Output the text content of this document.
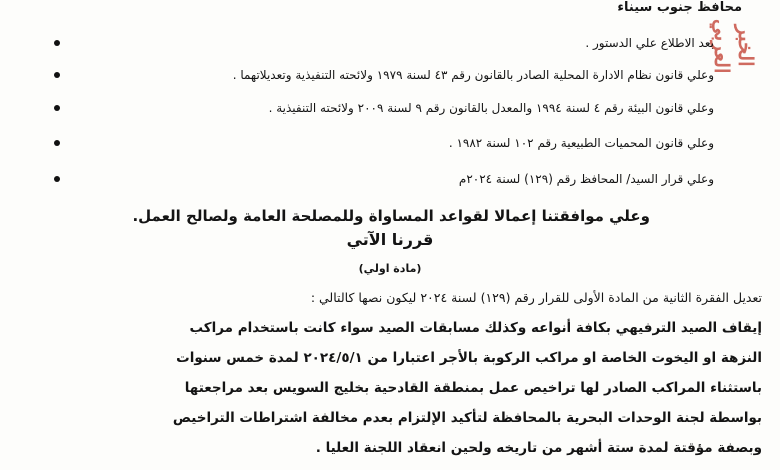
محافظ جنوب سيناء
الخبر العربي
بعد الاطلاع علي الدستور .
وعلي قانون نظام الادارة المحلية الصادر بالقانون رقم ٤٣ لسنة ١٩٧٩ ولائحته التنفيذية وتعديلاتهما .
وعلي قانون البيئة رقم ٤ لسنة ١٩٩٤ والمعدل بالقانون رقم ٩ لسنة ٢٠٠٩ ولائحته التنفيذية .
وعلي قانون المحميات الطبيعية رقم ١٠٢ لسنة ١٩٨٢ .
وعلي قرار السيد/ المحافظ رقم (١٢٩) لسنة ٢٠٢٤م
وعلي موافقتنا إعمالا لقواعد المساواة وللمصلحة العامة ولصالح العمل.
قررنا الآتي
(مادة اولي)

تعديل الفقرة الثانية من المادة الأولى للقرار رقم (١٢٩) لسنة ٢٠٢٤ ليكون نصها كالتالي :

إيقاف الصيد الترفيهي بكافة أنواعه وكذلك مسابقات الصيد سواء كانت باستخدام مراكب

النزهة او اليخوت الخاصة او مراكب الركوبة بالأجر اعتبارا من ٢٠٢٤/٥/١ لمدة خمس سنوات

باستثناء المراكب الصادر لها تراخيص عمل بمنطقة القادحية بخليج السويس بعد مراجعتها

بواسطة لجنة الوحدات البحرية بالمحافظة لتأكيد الإلتزام بعدم مخالفة اشتراطات التراخيص

وبصفة مؤقتة لمدة ستة أشهر من تاريخه ولحين انعقاد اللجنة العليا .
